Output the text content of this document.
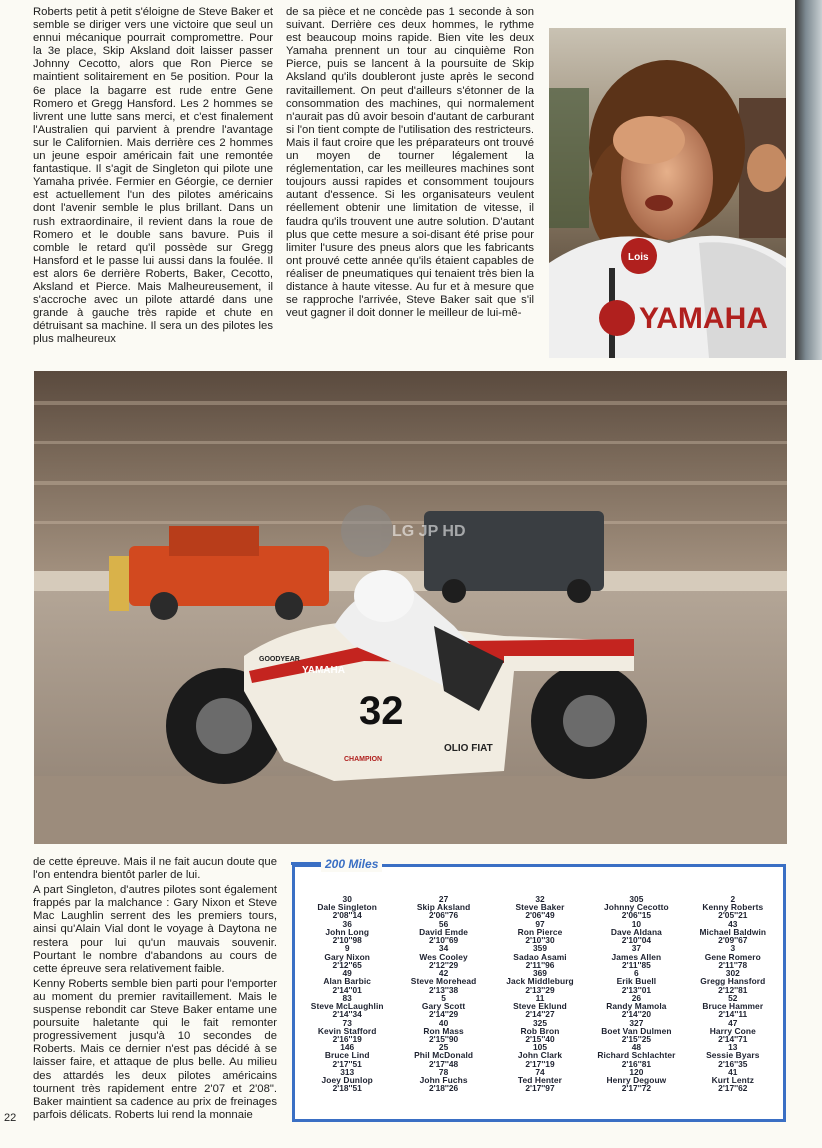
Roberts petit à petit s'éloigne de Steve Baker et semble se diriger vers une victoire que seul un ennui mécanique pourrait compromettre. Pour la 3e place, Skip Aksland doit laisser passer Johnny Cecotto, alors que Ron Pierce se maintient solitairement en 5e position. Pour la 6e place la bagarre est rude entre Gene Romero et Gregg Hansford. Les 2 hommes se livrent une lutte sans merci, et c'est finalement l'Australien qui parvient à prendre l'avantage sur le Californien. Mais derrière ces 2 hommes un jeune espoir américain fait une remontée fantastique. Il s'agit de Singleton qui pilote une Yamaha privée. Fermier en Géorgie, ce dernier est actuellement l'un des pilotes américains dont l'avenir semble le plus brillant. Dans un rush extraordinaire, il revient dans la roue de Romero et le double sans bavure. Puis il comble le retard qu'il possède sur Gregg Hansford et le passe lui aussi dans la foulée. Il est alors 6e derrière Roberts, Baker, Cecotto, Aksland et Pierce. Mais Malheureusement, il s'accroche avec un pilote attardé dans une grande à gauche très rapide et chute en détruisant sa machine. Il sera un des pilotes les plus malheureux

de sa pièce et ne concède pas 1 seconde à son suivant. Derrière ces deux hommes, le rythme est beaucoup moins rapide. Bien vite les deux Yamaha prennent un tour au cinquième Ron Pierce, puis se lancent à la poursuite de Skip Aksland qu'ils doubleront juste après le second ravitaillement. On peut d'ailleurs s'étonner de la consommation des machines, qui normalement n'aurait pas dû avoir besoin d'autant de carburant si l'on tient compte de l'utilisation des restricteurs. Mais il faut croire que les préparateurs ont trouvé un moyen de tourner légalement la réglementation, car les meilleures machines sont toujours aussi rapides et consomment toujours autant d'essence. Si les organisateurs veulent réellement obtenir une limitation de vitesse, il faudra qu'ils trouvent une autre solution. D'autant plus que cette mesure a soi-disant été prise pour limiter l'usure des pneus alors que les fabricants ont prouvé cette année qu'ils étaient capables de réaliser de pneumatiques qui tenaient très bien la distance à haute vitesse. Au fur et à mesure que se rapproche l'arrivée, Steve Baker sait que s'il veut gagner il doit donner le meilleur de lui-mê-

Lois
YAMAHA
YAMAHA
GOODYEAR
32
OLIO FIAT
CHAMPION
LG JP HD

de cette épreuve. Mais il ne fait aucun doute que l'on entendra bientôt parler de lui.

A part Singleton, d'autres pilotes sont également frappés par la malchance : Gary Nixon et Steve Mac Laughlin serrent des les premiers tours, ainsi qu'Alain Vial dont le voyage à Daytona ne restera pour lui qu'un mauvais souvenir. Pourtant le nombre d'abandons au cours de cette épreuve sera relativement faible.

Kenny Roberts semble bien parti pour l'emporter au moment du premier ravitaillement. Mais le suspense rebondit car Steve Baker entame une poursuite haletante qui le fait remonter progressivement jusqu'à 10 secondes de Roberts. Mais ce dernier n'est pas décidé à se laisser faire, et attaque de plus belle. Au milieu des attardés les deux pilotes américains tournent très rapidement entre 2'07 et 2'08". Baker maintient sa cadence au prix de freinages parfois délicats. Roberts lui rend la monnaie

200 Miles
30
Dale Singleton
2'08''14
36
John Long
2'10''98
9
Gary Nixon
2'12''65
49
Alan Barbic
2'14''01
83
Steve McLaughlin
2'14''34
73
Kevin Stafford
2'16''19
146
Bruce Lind
2'17''51
313
Joey Dunlop
2'18''51
27
Skip Aksland
2'06''76
56
David Emde
2'10''69
34
Wes Cooley
2'12''29
42
Steve Morehead
2'13''38
5
Gary Scott
2'14''29
40
Ron Mass
2'15''90
25
Phil McDonald
2'17''48
78
John Fuchs
2'18''26
32
Steve Baker
2'06''49
97
Ron Pierce
2'10''30
359
Sadao Asami
2'11''96
369
Jack Middleburg
2'13''29
11
Steve Eklund
2'14''27
325
Rob Bron
2'15''40
105
John Clark
2'17''19
74
Ted Henter
2'17''97
305
Johnny Cecotto
2'06''15
10
Dave Aldana
2'10''04
37
James Allen
2'11''85
6
Erik Buell
2'13''01
26
Randy Mamola
2'14''20
327
Boet Van Dulmen
2'15''25
48
Richard Schlachter
2'16''81
120
Henry Degouw
2'17''72
2
Kenny Roberts
2'05''21
43
Michael Baldwin
2'09''67
3
Gene Romero
2'11''78
302
Gregg Hansford
2'12''81
52
Bruce Hammer
2'14''11
47
Harry Cone
2'14''71
13
Sessie Byars
2'16''35
41
Kurt Lentz
2'17''62
22
